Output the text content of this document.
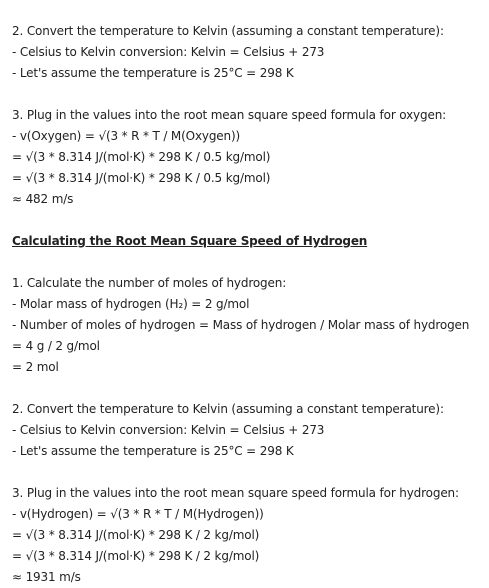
2. Convert the temperature to Kelvin (assuming a constant temperature):
- Celsius to Kelvin conversion: Kelvin = Celsius + 273
- Let's assume the temperature is 25°C = 298 K
3. Plug in the values into the root mean square speed formula for oxygen:
- v(Oxygen) = √(3 * R * T / M(Oxygen))
= √(3 * 8.314 J/(mol·K) * 298 K / 0.5 kg/mol)
= √(3 * 8.314 J/(mol·K) * 298 K / 0.5 kg/mol)
≈ 482 m/s
Calculating the Root Mean Square Speed of Hydrogen
1. Calculate the number of moles of hydrogen:
- Molar mass of hydrogen (H₂) = 2 g/mol
- Number of moles of hydrogen = Mass of hydrogen / Molar mass of hydrogen
= 4 g / 2 g/mol
= 2 mol
2. Convert the temperature to Kelvin (assuming a constant temperature):
- Celsius to Kelvin conversion: Kelvin = Celsius + 273
- Let's assume the temperature is 25°C = 298 K
3. Plug in the values into the root mean square speed formula for hydrogen:
- v(Hydrogen) = √(3 * R * T / M(Hydrogen))
= √(3 * 8.314 J/(mol·K) * 298 K / 2 kg/mol)
= √(3 * 8.314 J/(mol·K) * 298 K / 2 kg/mol)
≈ 1931 m/s
